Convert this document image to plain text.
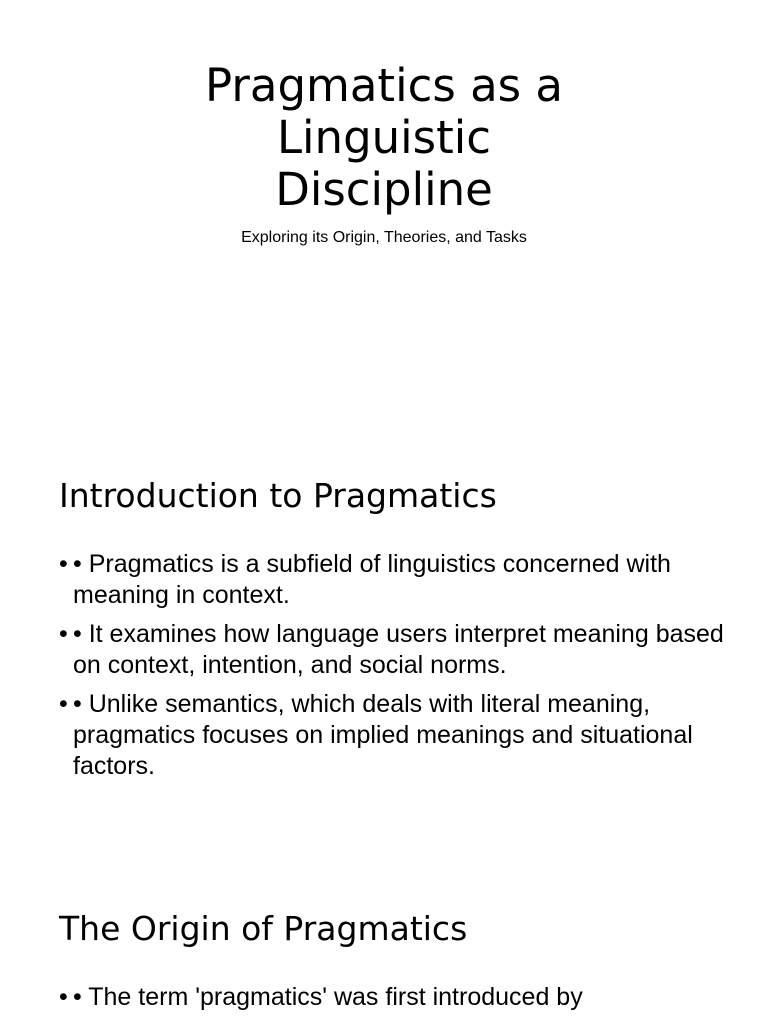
Pragmatics as a
Linguistic
Discipline
Exploring its Origin, Theories, and Tasks
Introduction to Pragmatics
• • Pragmatics is a subfield of linguistics concerned with meaning in context.
• • It examines how language users interpret meaning based on context, intention, and social norms.
• • Unlike semantics, which deals with literal meaning, pragmatics focuses on implied meanings and situational factors.
The Origin of Pragmatics
• • The term 'pragmatics' was first introduced by
